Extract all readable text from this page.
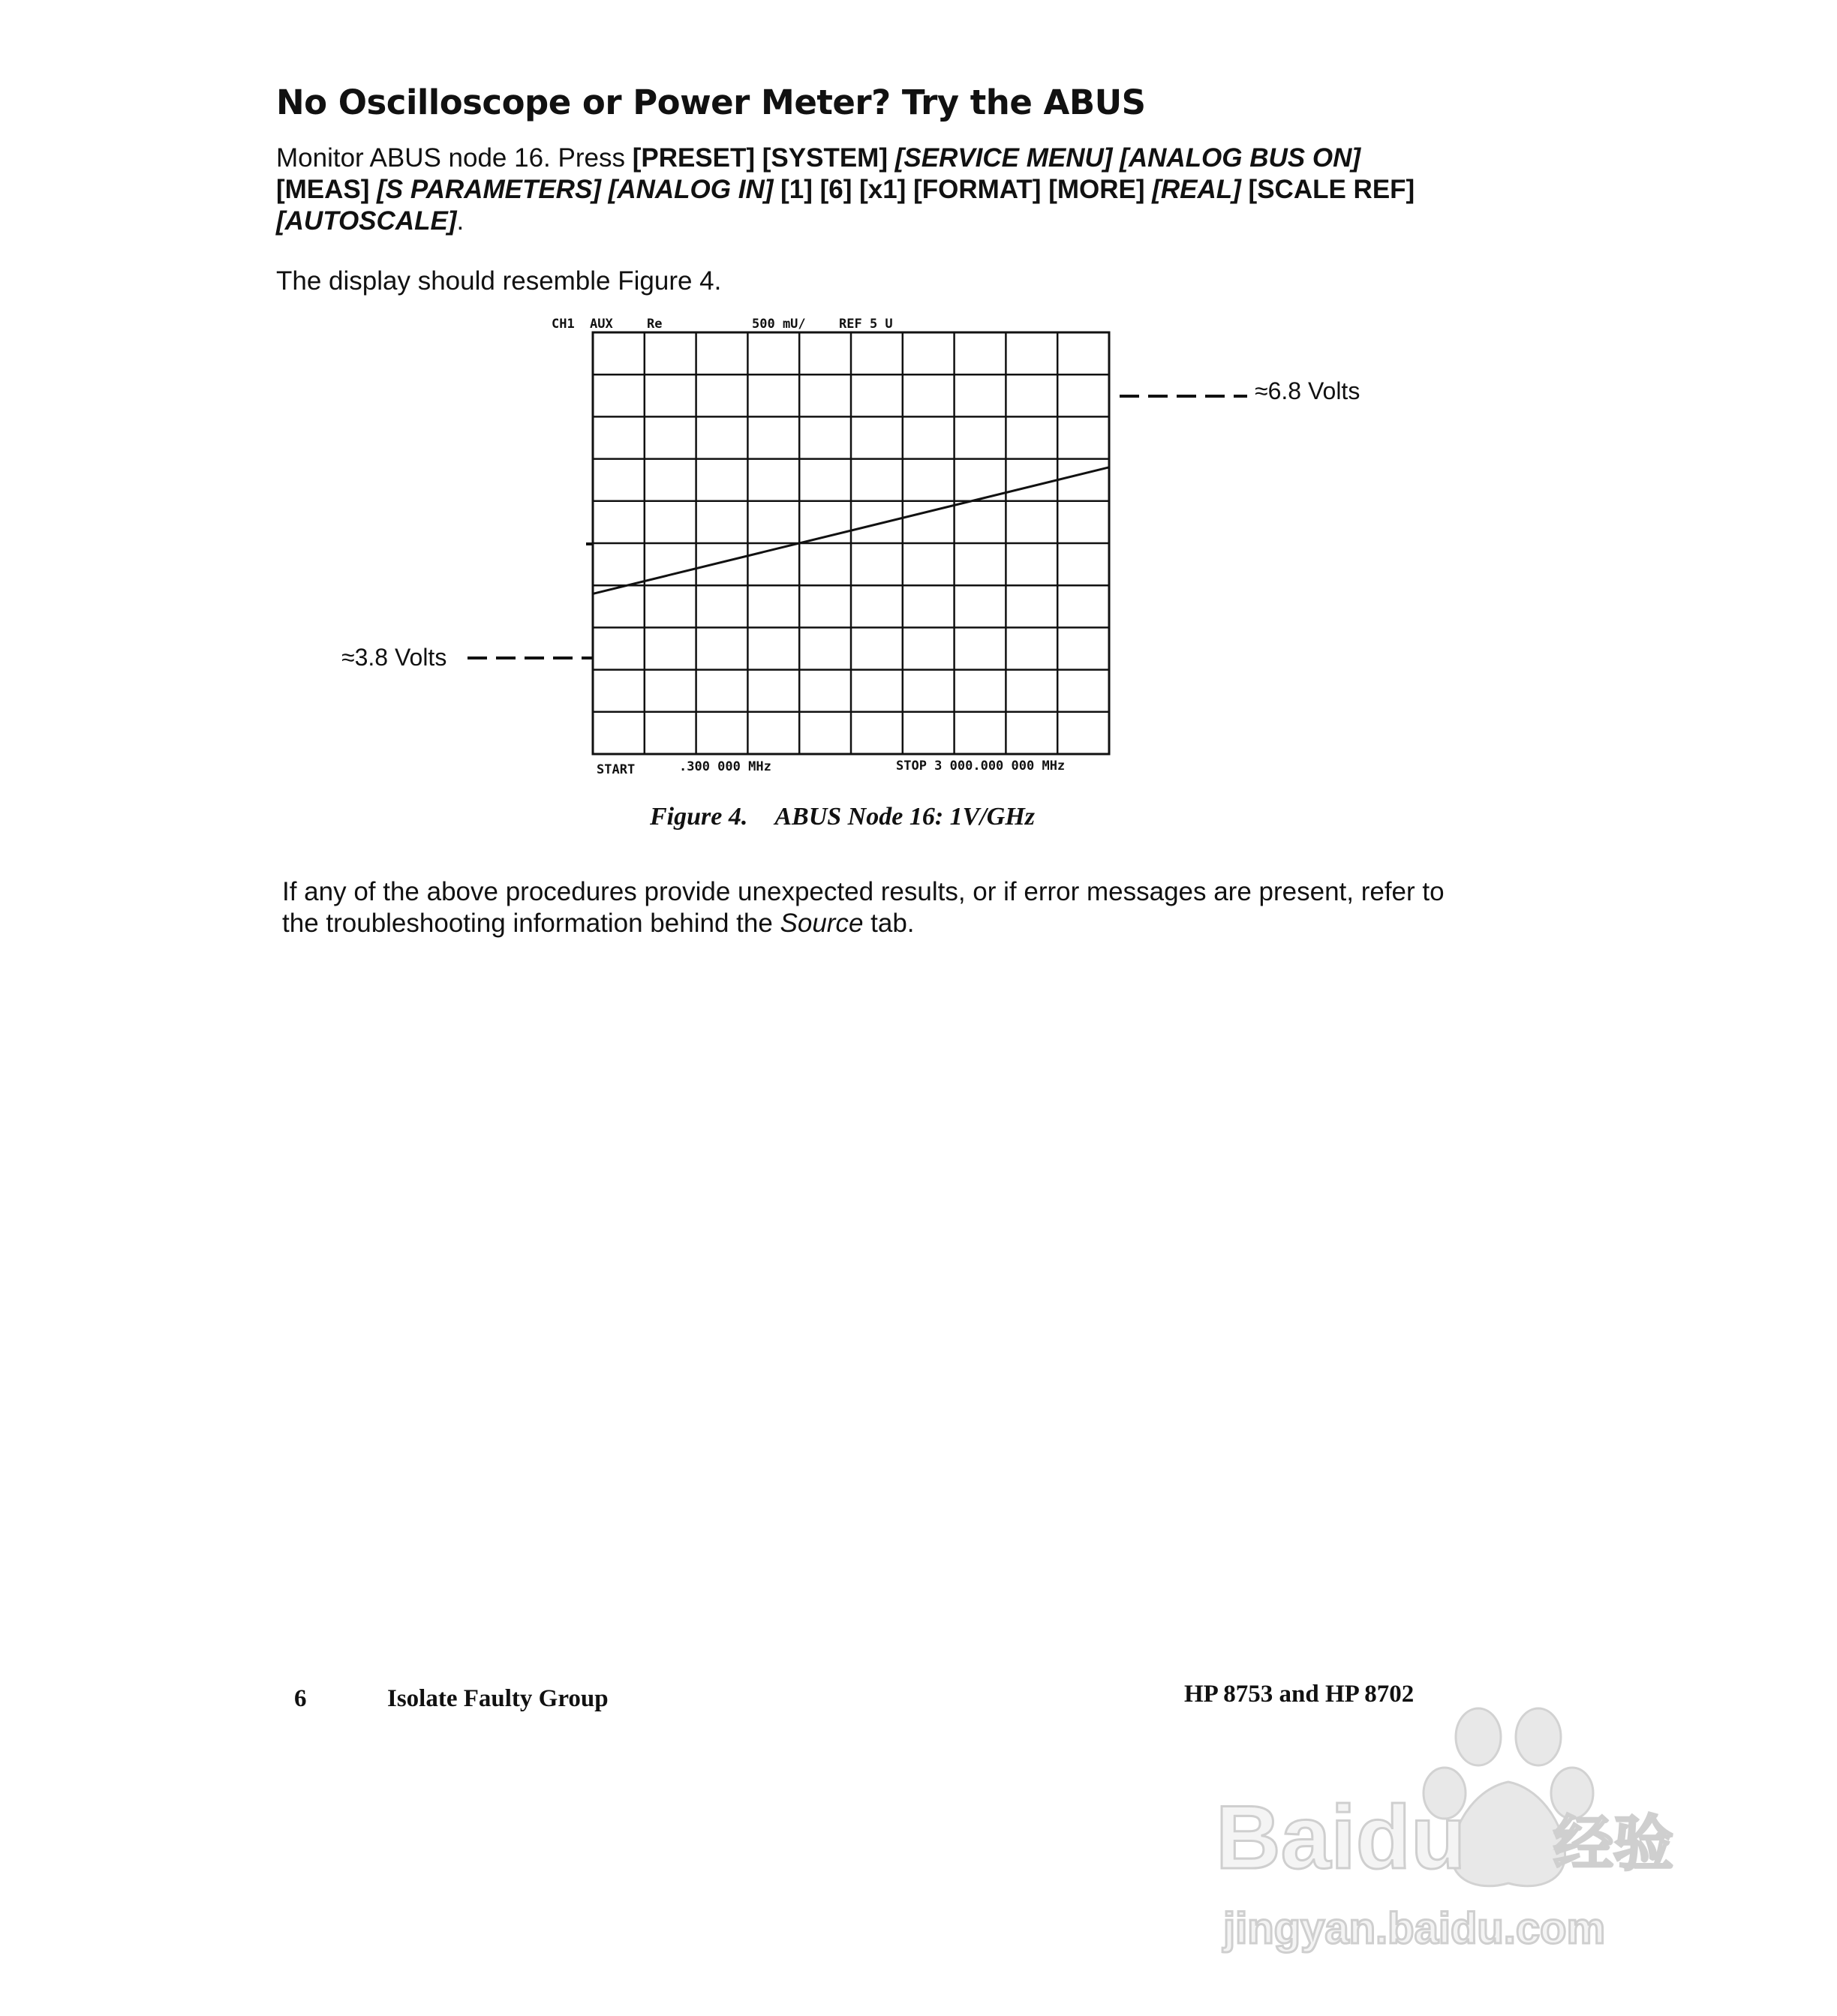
No Oscilloscope or Power Meter? Try the ABUS
Monitor ABUS node 16. Press [PRESET] [SYSTEM] [SERVICE MENU] [ANALOG BUS ON] [MEAS] [S PARAMETERS] [ANALOG IN] [1] [6] [x1] [FORMAT] [MORE] [REAL] [SCALE REF] [AUTOSCALE].
The display should resemble Figure 4.
CH1 AUX	Re	500 mU/	REF 5 U
START	.300 000 MHz	STOP 3 000.000 000 MHz
≈6.8 Volts
≈3.8 Volts
Figure 4. ABUS Node 16: 1V/GHz
If any of the above procedures provide unexpected results, or if error messages are present, refer to the troubleshooting information behind the Source tab.
6	Isolate Faulty Group	HP 8753 and HP 8702
Baidu 经验
jingyan.baidu.com
